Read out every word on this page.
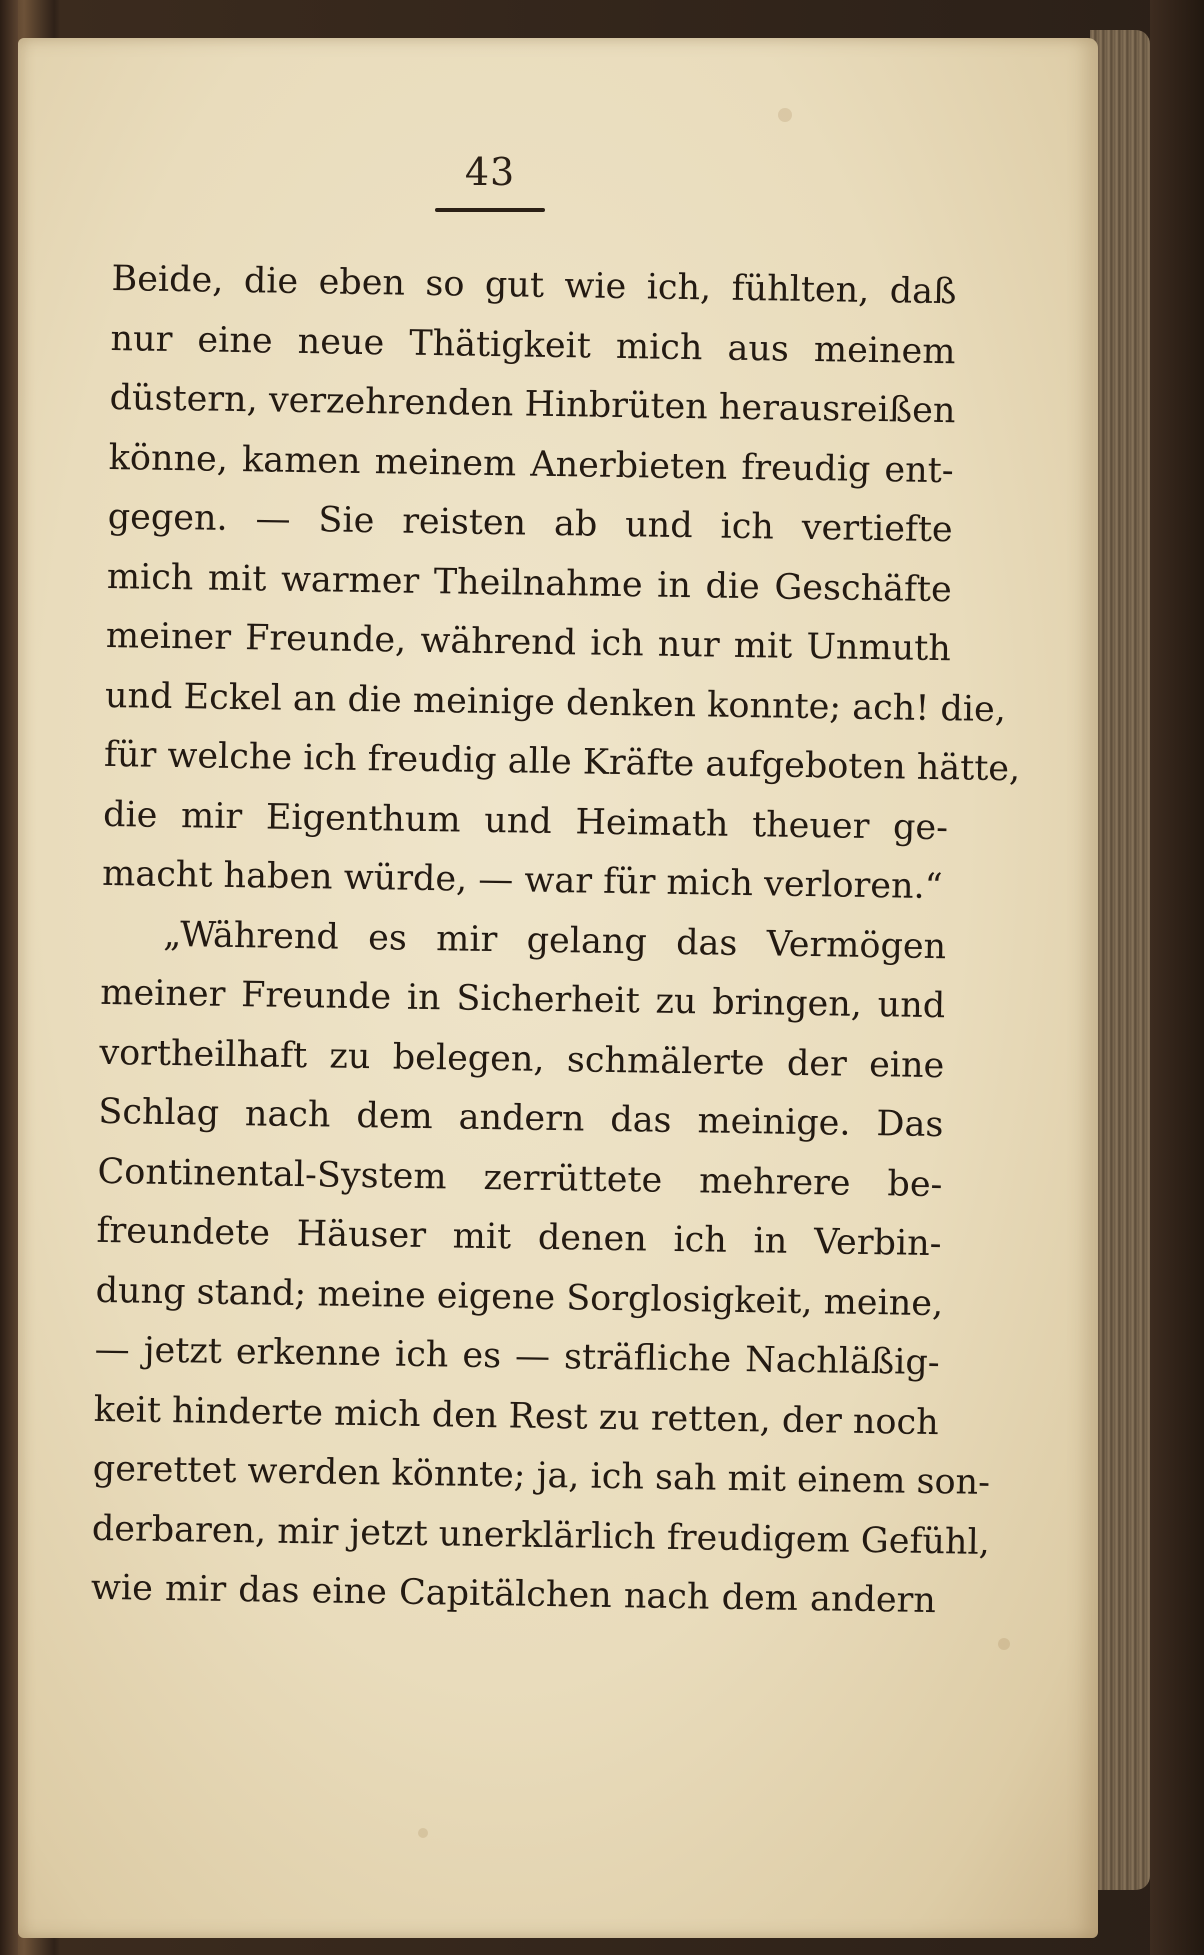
43
Beide, die eben so gut wie ich, fühlten, daß
nur eine neue Thätigkeit mich aus meinem
düstern, verzehrenden Hinbrüten herausreißen
könne, kamen meinem Anerbieten freudig ent-
gegen. — Sie reisten ab und ich vertiefte
mich mit warmer Theilnahme in die Geschäfte
meiner Freunde, während ich nur mit Unmuth
und Eckel an die meinige denken konnte; ach! die,
für welche ich freudig alle Kräfte aufgeboten hätte,
die mir Eigenthum und Heimath theuer ge-
macht haben würde, — war für mich verloren.“
„Während es mir gelang das Vermögen
meiner Freunde in Sicherheit zu bringen, und
vortheilhaft zu belegen, schmälerte der eine
Schlag nach dem andern das meinige. Das
Continental-System zerrüttete mehrere be-
freundete Häuser mit denen ich in Verbin-
dung stand; meine eigene Sorglosigkeit, meine,
— jetzt erkenne ich es — sträfliche Nachläßig-
keit hinderte mich den Rest zu retten, der noch
gerettet werden könnte; ja, ich sah mit einem son-
derbaren, mir jetzt unerklärlich freudigem Gefühl,
wie mir das eine Capitälchen nach dem andern
